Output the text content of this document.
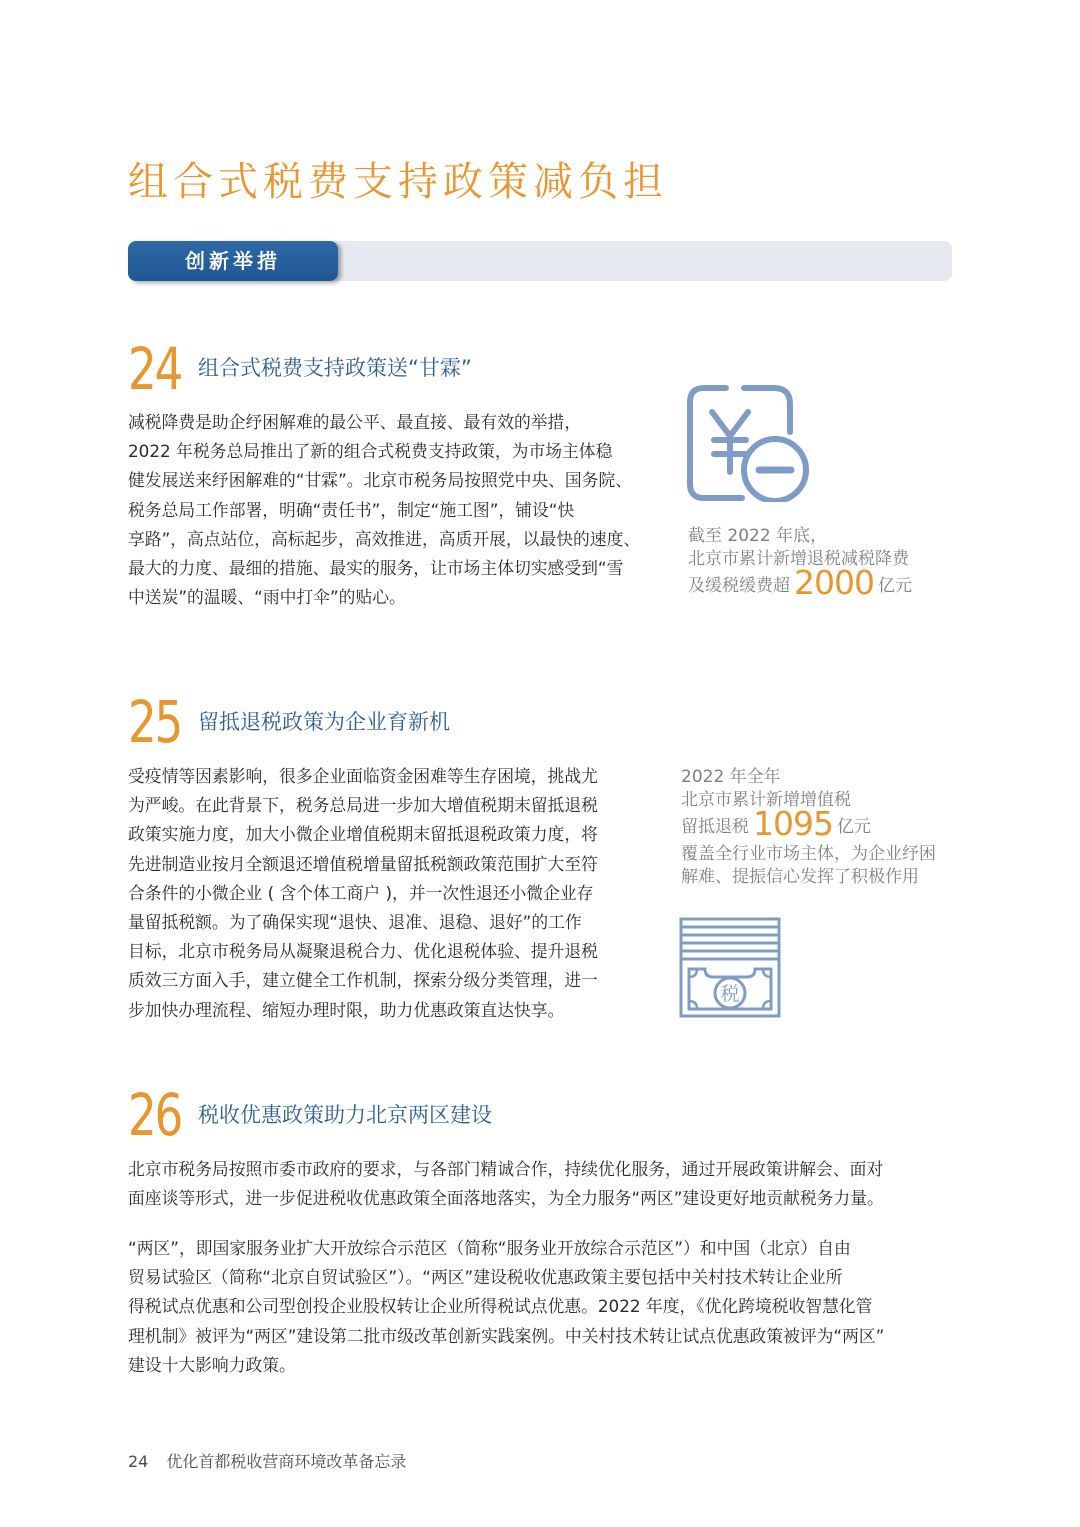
组合式税费支持政策减负担
创新举措
24 组合式税费支持政策送“甘霖”
减税降费是助企纾困解难的最公平、最直接、最有效的举措，
2022 年税务总局推出了新的组合式税费支持政策，为市场主体稳
健发展送来纾困解难的“甘霖”。北京市税务局按照党中央、国务院、
税务总局工作部署，明确“责任书”，制定“施工图”，铺设“快
享路”，高点站位，高标起步，高效推进，高质开展，以最快的速度、
最大的力度、最细的措施、最实的服务，让市场主体切实感受到“雪
中送炭”的温暖、“雨中打伞”的贴心。
截至 2022 年底，
北京市累计新增退税减税降费
及缓税缓费超 2000 亿元
25 留抵退税政策为企业育新机
受疫情等因素影响，很多企业面临资金困难等生存困境，挑战尤
为严峻。在此背景下，税务总局进一步加大增值税期末留抵退税
政策实施力度，加大小微企业增值税期末留抵退税政策力度，将
先进制造业按月全额退还增值税增量留抵税额政策范围扩大至符
合条件的小微企业 ( 含个体工商户 )，并一次性退还小微企业存
量留抵税额。为了确保实现“退快、退准、退稳、退好”的工作
目标，北京市税务局从凝聚退税合力、优化退税体验、提升退税
质效三方面入手，建立健全工作机制，探索分级分类管理，进一
步加快办理流程、缩短办理时限，助力优惠政策直达快享。
2022 年全年
北京市累计新增增值税
留抵退税 1095 亿元
覆盖全行业市场主体，为企业纾困
解难、提振信心发挥了积极作用
税
26 税收优惠政策助力北京两区建设
北京市税务局按照市委市政府的要求，与各部门精诚合作，持续优化服务，通过开展政策讲解会、面对
面座谈等形式，进一步促进税收优惠政策全面落地落实，为全力服务“两区”建设更好地贡献税务力量。
“两区”，即国家服务业扩大开放综合示范区（简称“服务业开放综合示范区”）和中国（北京）自由
贸易试验区（简称“北京自贸试验区”）。“两区”建设税收优惠政策主要包括中关村技术转让企业所
得税试点优惠和公司型创投企业股权转让企业所得税试点优惠。2022 年度，《优化跨境税收智慧化管
理机制》被评为“两区”建设第二批市级改革创新实践案例。中关村技术转让试点优惠政策被评为“两区”
建设十大影响力政策。
24 优化首都税收营商环境改革备忘录
